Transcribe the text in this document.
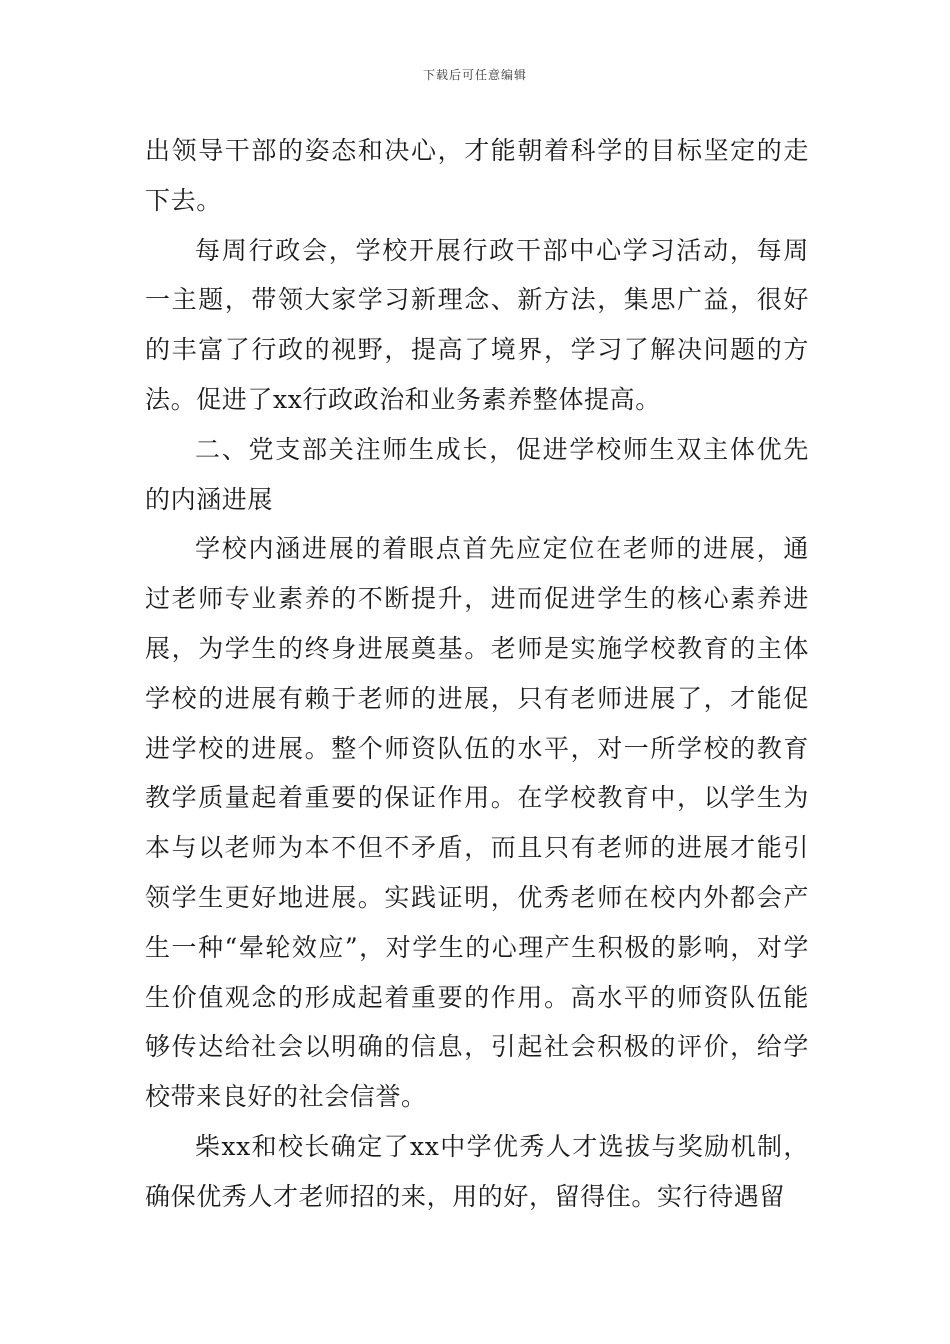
下载后可任意编辑

出领导干部的姿态和决心，才能朝着科学的目标坚定的走下去。

每周行政会，学校开展行政干部中心学习活动，每周一主题，带领大家学习新理念、新方法，集思广益，很好的丰富了行政的视野，提高了境界，学习了解决问题的方法。促进了xx行政政治和业务素养整体提高。

二、党支部关注师生成长，促进学校师生双主体优先的内涵进展

学校内涵进展的着眼点首先应定位在老师的进展，通过老师专业素养的不断提升，进而促进学生的核心素养进展，为学生的终身进展奠基。老师是实施学校教育的主体学校的进展有赖于老师的进展，只有老师进展了，才能促进学校的进展。整个师资队伍的水平，对一所学校的教育教学质量起着重要的保证作用。在学校教育中，以学生为本与以老师为本不但不矛盾，而且只有老师的进展才能引领学生更好地进展。实践证明，优秀老师在校内外都会产生一种“晕轮效应”，对学生的心理产生积极的影响，对学生价值观念的形成起着重要的作用。高水平的师资队伍能够传达给社会以明确的信息，引起社会积极的评价，给学校带来良好的社会信誉。

柴xx和校长确定了xx中学优秀人才选拔与奖励机制，确保优秀人才老师招的来，用的好，留得住。实行待遇留
